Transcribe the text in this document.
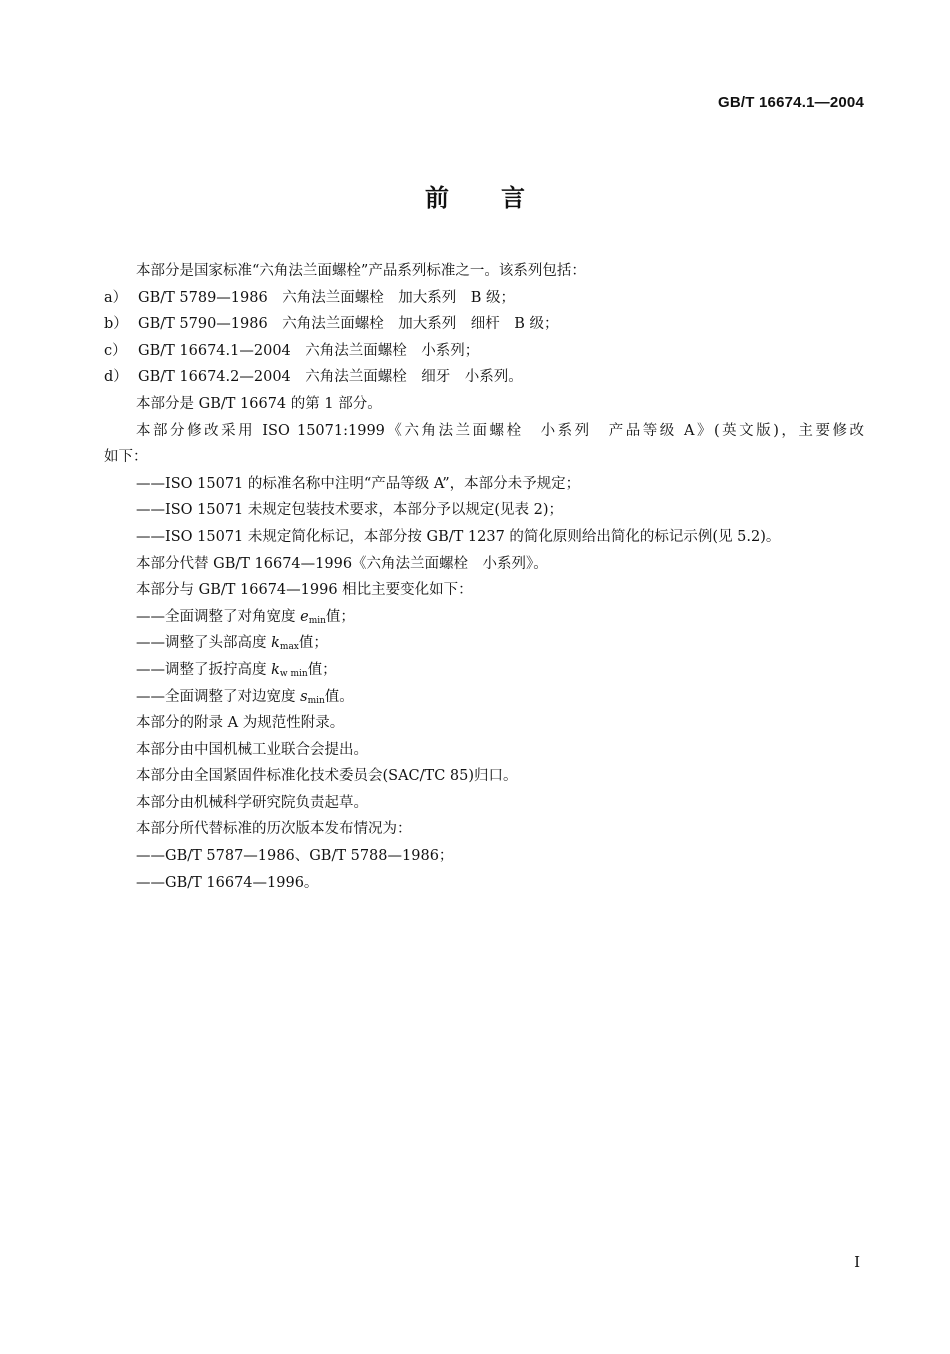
GB/T 16674.1—2004
前言
本部分是国家标准“六角法兰面螺栓”产品系列标准之一。该系列包括：
a） GB/T 5789—1986　六角法兰面螺栓　加大系列　B 级；
b） GB/T 5790—1986　六角法兰面螺栓　加大系列　细杆　B 级；
c） GB/T 16674.1—2004　六角法兰面螺栓　小系列；
d） GB/T 16674.2—2004　六角法兰面螺栓　细牙　小系列。
本部分是 GB/T 16674 的第 1 部分。
本部分修改采用 ISO 15071:1999《六角法兰面螺栓　小系列　产品等级 A》(英文版)，主要修改
如下：
——ISO 15071 的标准名称中注明“产品等级 A”，本部分未予规定；
——ISO 15071 未规定包装技术要求，本部分予以规定(见表 2)；
——ISO 15071 未规定简化标记，本部分按 GB/T 1237 的简化原则给出简化的标记示例(见 5.2)。
本部分代替 GB/T 16674—1996《六角法兰面螺栓　小系列》。
本部分与 GB/T 16674—1996 相比主要变化如下：
——全面调整了对角宽度 $e_{min}$值；
——调整了头部高度 $k_{max}$值；
——调整了扳拧高度 $k_{w min}$值；
——全面调整了对边宽度 $s_{min}$值。
本部分的附录 A 为规范性附录。
本部分由中国机械工业联合会提出。
本部分由全国紧固件标准化技术委员会(SAC/TC 85)归口。
本部分由机械科学研究院负责起草。
本部分所代替标准的历次版本发布情况为：
——GB/T 5787—1986、GB/T 5788—1986；
——GB/T 16674—1996。
I
